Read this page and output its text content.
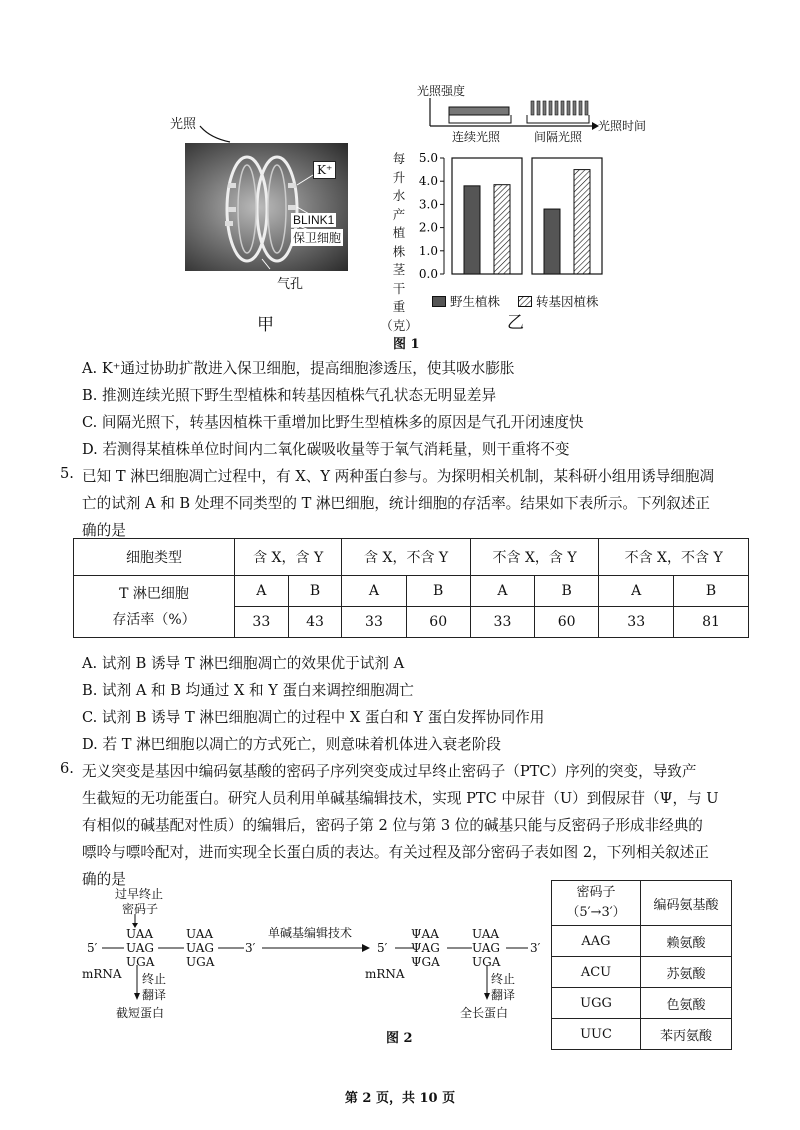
光照
K⁺
BLINK1
保卫细胞
气孔
甲
光照强度
光照时间
连续光照	间隔光照
每
升
水
产
植
株
茎
干
重
（克）
0.0
1.0
2.0
3.0
4.0
5.0
野生植株	转基因植株
乙
图 1
A. K⁺通过协助扩散进入保卫细胞，提高细胞渗透压，使其吸水膨胀
B. 推测连续光照下野生型植株和转基因植株气孔状态无明显差异
C. 间隔光照下，转基因植株干重增加比野生型植株多的原因是气孔开闭速度快
D. 若测得某植株单位时间内二氧化碳吸收量等于氧气消耗量，则干重将不变
5. 已知 T 淋巴细胞凋亡过程中，有 X、Y 两种蛋白参与。为探明相关机制，某科研小组用诱导细胞凋
亡的试剂 A 和 B 处理不同类型的 T 淋巴细胞，统计细胞的存活率。结果如下表所示。下列叙述正
确的是
细胞类型	含 X，含 Y		含 X，不含 Y		不含 X，含 Y		不含 X，不含 Y	

T 淋巴细胞
存活率（%）	A	B	A	B	A	B	A	B
	33	43	33	60	33	60	33	81
A. 试剂 B 诱导 T 淋巴细胞凋亡的效果优于试剂 A
B. 试剂 A 和 B 均通过 X 和 Y 蛋白来调控细胞凋亡
C. 试剂 B 诱导 T 淋巴细胞凋亡的过程中 X 蛋白和 Y 蛋白发挥协同作用
D. 若 T 淋巴细胞以凋亡的方式死亡，则意味着机体进入衰老阶段
6. 无义突变是基因中编码氨基酸的密码子序列突变成过早终止密码子（PTC）序列的突变，导致产
生截短的无功能蛋白。研究人员利用单碱基编辑技术，实现 PTC 中尿苷（U）到假尿苷（Ψ，与 U
有相似的碱基配对性质）的编辑后，密码子第 2 位与第 3 位的碱基只能与反密码子形成非经典的
嘌呤与嘌呤配对，进而实现全长蛋白质的表达。有关过程及部分密码子表如图 2，下列相关叙述正
确的是
过早终止
密码子
UAA
5′ UAG
UGA
mRNA
UAA
UAG
UGA
3′
单碱基编辑技术
5′
ΨAA
ΨAG
ΨGA
mRNA
UAA
UAG
UGA
3′
终止
翻译
截短蛋白
终止
翻译
全长蛋白
图 2
密码子
（5′→3′）	编码氨基酸
AAG	赖氨酸
ACU	苏氨酸
UGG	色氨酸
UUC	苯丙氨酸
第 2 页，共 10 页
